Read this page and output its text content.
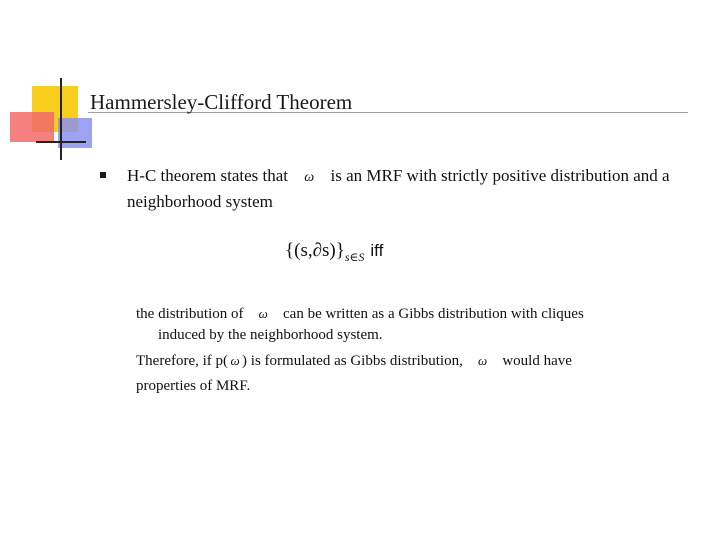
Hammersley-Clifford Theorem
H-C theorem states that ω is an MRF with strictly positive distribution and a neighborhood system
$\{(s,\partial s)\}_{s\in S}$ iff
the distribution of ω can be written as a Gibbs distribution with cliques
induced by the neighborhood system.
Therefore, if p( ω ) is formulated as Gibbs distribution, ω would have
properties of MRF.
